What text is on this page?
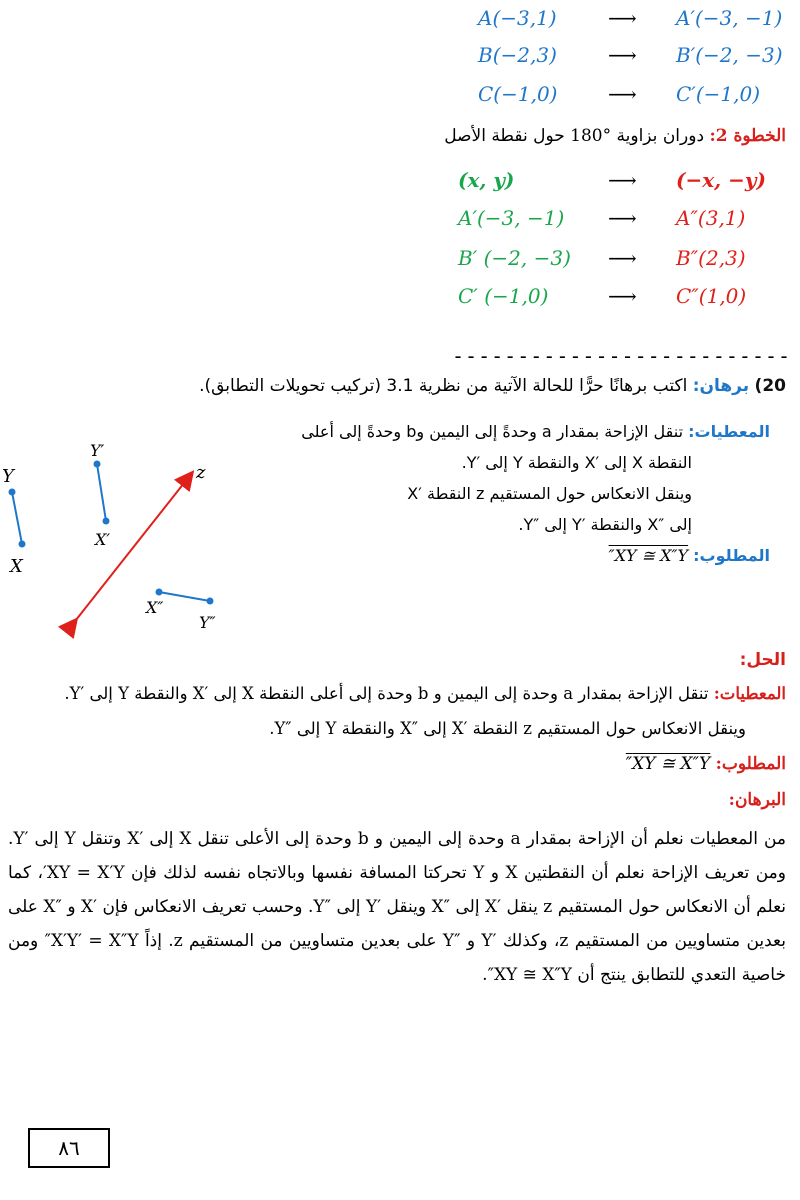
A(−3,1)	⟶ A′(−3, −1)
B(−2,3)	⟶ B′(−2, −3)
C(−1,0)	⟶ C′(−1,0)
الخطوة 2: دوران بزاوية °180 حول نقطة الأصل
(x, y)	⟶ (−x, −y)
A′(−3, −1) ⟶ A″(3,1)
B′ (−2, −3) ⟶ B″(2,3)
C′ (−1,0)	⟶ C″(1,0)
--------------------------
20) برهان: اكتب برهانًا حرًّا للحالة الآتية من نظرية 3.1 (تركيب تحويلات التطابق).
المعطيات: تنقل الإزاحة بمقدار a وحدةً إلى اليمين وb وحدةً إلى أعلى
النقطة X إلى ′X والنقطة Y إلى ′Y.
وينقل الانعكاس حول المستقيم z النقطة ′X
إلى ″X والنقطة ′Y إلى ″Y.
المطلوب: XY ≅ X″Y″
Y
X
Y′
X′
X″
Y″
z
الحل:
المعطيات: تنقل الإزاحة بمقدار a وحدة إلى اليمين و b وحدة إلى أعلى النقطة X إلى ′X والنقطة Y إلى ′Y.
وينقل الانعكاس حول المستقيم z النقطة ′X إلى ″X والنقطة Y إلى ″Y.
المطلوب: XY ≅ X″Y″
البرهان:
من المعطيات نعلم أن الإزاحة بمقدار a وحدة إلى اليمين و b وحدة إلى الأعلى تنقل X إلى ′X وتنقل Y إلى ′Y. ومن تعريف الإزاحة نعلم أن النقطتين X و Y تحركتا المسافة نفسها وبالاتجاه نفسه لذلك فإن XY = X′Y′، كما نعلم أن الانعكاس حول المستقيم z ينقل ′X إلى ″X وينقل ′Y إلى ″Y. وحسب تعريف الانعكاس فإن ′X و ″X على بعدين متساويين من المستقيم z، وكذلك ′Y و ″Y على بعدين متساويين من المستقيم z. إذاً X′Y′ = X″Y″ ومن خاصية التعدي للتطابق ينتج أن XY ≅ X″Y″.
٨٦
